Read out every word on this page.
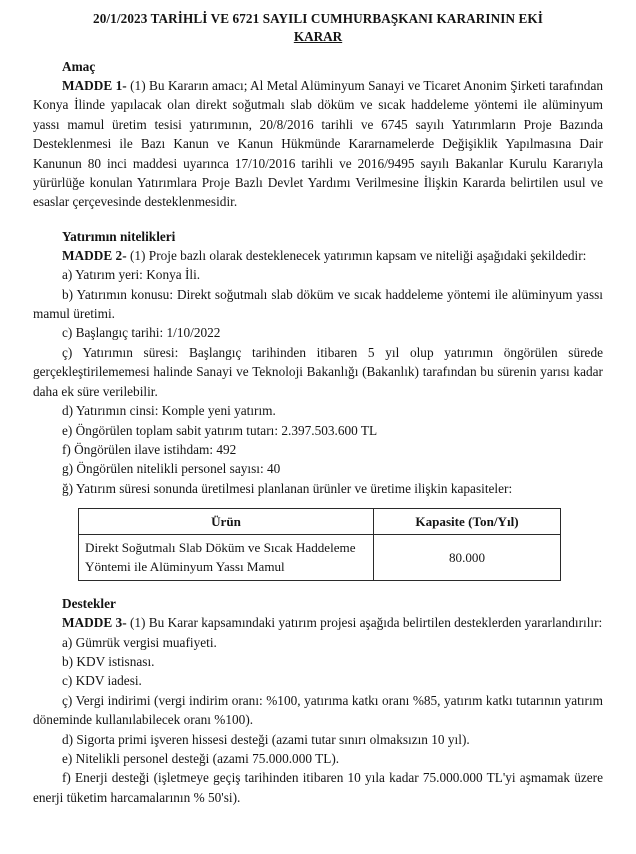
20/1/2023 TARİHLİ VE 6721 SAYILI CUMHURBAŞKANI KARARININ EKİ
KARAR
Amaç

MADDE 1- (1) Bu Kararın amacı; Al Metal Alüminyum Sanayi ve Ticaret Anonim Şirketi tarafından Konya İlinde yapılacak olan direkt soğutmalı slab döküm ve sıcak haddeleme yöntemi ile alüminyum yassı mamul üretim tesisi yatırımının, 20/8/2016 tarihli ve 6745 sayılı Yatırımların Proje Bazında Desteklenmesi ile Bazı Kanun ve Kanun Hükmünde Kararnamelerde Değişiklik Yapılmasına Dair Kanunun 80 inci maddesi uyarınca 17/10/2016 tarihli ve 2016/9495 sayılı Bakanlar Kurulu Kararıyla yürürlüğe konulan Yatırımlara Proje Bazlı Devlet Yardımı Verilmesine İlişkin Kararda belirtilen usul ve esaslar çerçevesinde desteklenmesidir.

Yatırımın nitelikleri

MADDE 2- (1) Proje bazlı olarak desteklenecek yatırımın kapsam ve niteliği aşağıdaki şekildedir:

a) Yatırım yeri: Konya İli.

b) Yatırımın konusu: Direkt soğutmalı slab döküm ve sıcak haddeleme yöntemi ile alüminyum yassı mamul üretimi.

c) Başlangıç tarihi: 1/10/2022

ç) Yatırımın süresi: Başlangıç tarihinden itibaren 5 yıl olup yatırımın öngörülen sürede gerçekleştirilememesi halinde Sanayi ve Teknoloji Bakanlığı (Bakanlık) tarafından bu sürenin yarısı kadar daha ek süre verilebilir.

d) Yatırımın cinsi: Komple yeni yatırım.

e) Öngörülen toplam sabit yatırım tutarı: 2.397.503.600 TL

f) Öngörülen ilave istihdam: 492

g) Öngörülen nitelikli personel sayısı: 40

ğ) Yatırım süresi sonunda üretilmesi planlanan ürünler ve üretime ilişkin kapasiteler:

Ürün	Kapasite (Ton/Yıl)
Direkt Soğutmalı Slab Döküm ve Sıcak Haddeleme Yöntemi ile Alüminyum Yassı Mamul	80.000
Destekler

MADDE 3- (1) Bu Karar kapsamındaki yatırım projesi aşağıda belirtilen desteklerden yararlandırılır:

a) Gümrük vergisi muafiyeti.

b) KDV istisnası.

c) KDV iadesi.

ç) Vergi indirimi (vergi indirim oranı: %100, yatırıma katkı oranı %85, yatırım katkı tutarının yatırım döneminde kullanılabilecek oranı %100).

d) Sigorta primi işveren hissesi desteği (azami tutar sınırı olmaksızın 10 yıl).

e) Nitelikli personel desteği (azami 75.000.000 TL).

f) Enerji desteği (işletmeye geçiş tarihinden itibaren 10 yıla kadar 75.000.000 TL'yi aşmamak üzere enerji tüketim harcamalarının % 50'si).
